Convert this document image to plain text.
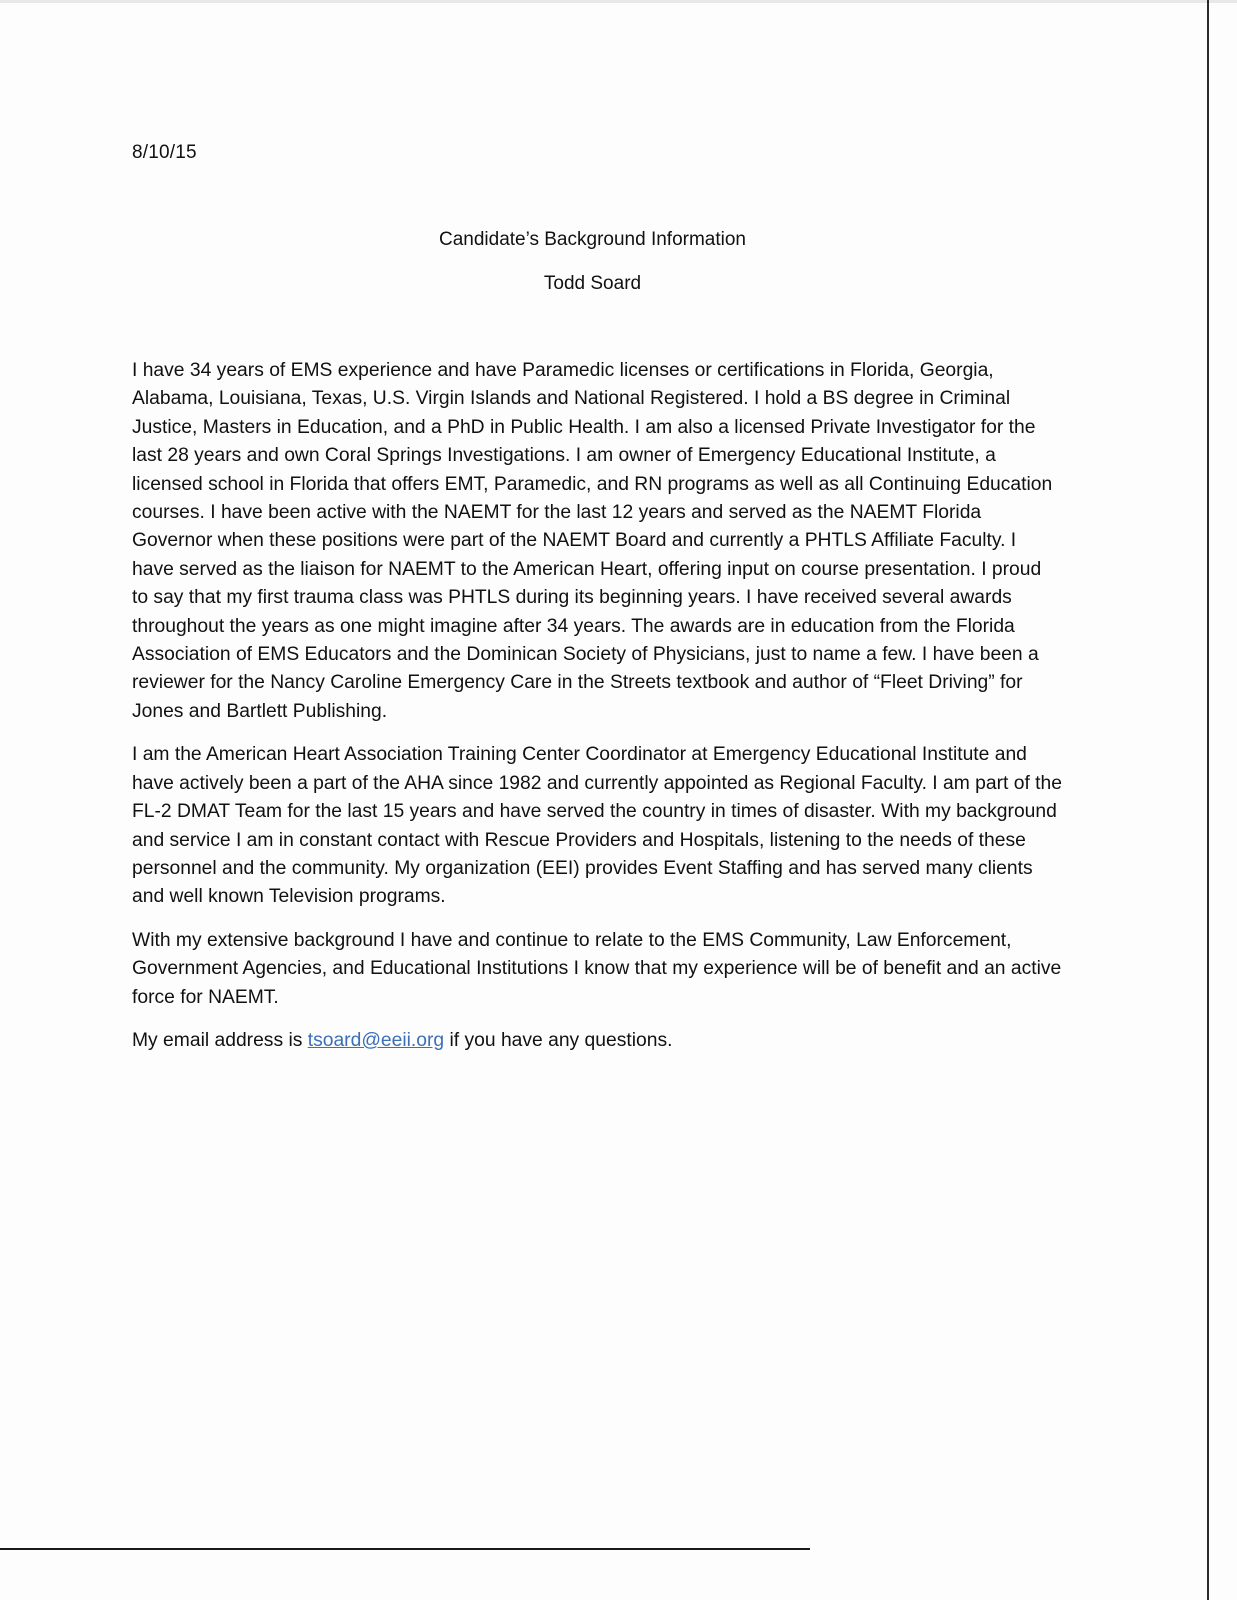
8/10/15
Candidate’s Background Information
Todd Soard

I have 34 years of EMS experience and have Paramedic licenses or certifications in Florida, Georgia, Alabama, Louisiana, Texas, U.S. Virgin Islands and National Registered. I hold a BS degree in Criminal Justice, Masters in Education, and a PhD in Public Health. I am also a licensed Private Investigator for the last 28 years and own Coral Springs Investigations. I am owner of Emergency Educational Institute, a licensed school in Florida that offers EMT, Paramedic, and RN programs as well as all Continuing Education courses. I have been active with the NAEMT for the last 12 years and served as the NAEMT Florida Governor when these positions were part of the NAEMT Board and currently a PHTLS Affiliate Faculty. I have served as the liaison for NAEMT to the American Heart, offering input on course presentation. I proud to say that my first trauma class was PHTLS during its beginning years. I have received several awards throughout the years as one might imagine after 34 years. The awards are in education from the Florida Association of EMS Educators and the Dominican Society of Physicians, just to name a few. I have been a reviewer for the Nancy Caroline Emergency Care in the Streets textbook and author of “Fleet Driving” for Jones and Bartlett Publishing.

I am the American Heart Association Training Center Coordinator at Emergency Educational Institute and have actively been a part of the AHA since 1982 and currently appointed as Regional Faculty. I am part of the FL-2 DMAT Team for the last 15 years and have served the country in times of disaster. With my background and service I am in constant contact with Rescue Providers and Hospitals, listening to the needs of these personnel and the community. My organization (EEI) provides Event Staffing and has served many clients and well known Television programs.

With my extensive background I have and continue to relate to the EMS Community, Law Enforcement, Government Agencies, and Educational Institutions I know that my experience will be of benefit and an active force for NAEMT.

My email address is tsoard@eeii.org if you have any questions.
